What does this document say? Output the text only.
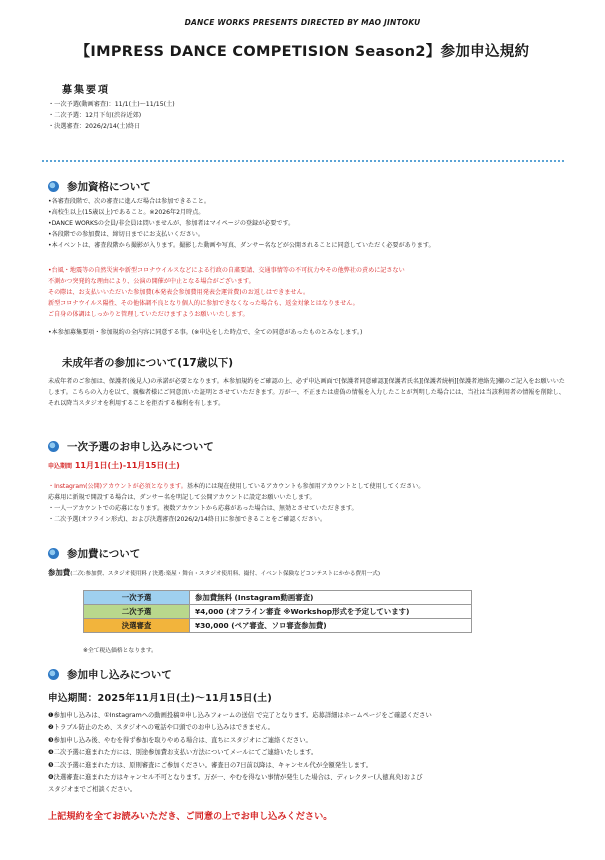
DANCE WORKS PRESENTS DIRECTED BY MAO JINTOKU
【IMPRESS DANCE COMPETISION Season2】参加申込規約
募集要項
・一次予選(動画審査)：11/1(土)〜11/15(土)
・二次予選：12月下旬(渋谷近郊)
・決選審査：2026/2/14(土)終日
参加資格について

•各審査段階で、次の審査に進んだ場合は参加できること。

•高校生以上(15歳以上)であること。※2026年2月時点。

•DANCE WORKSの会員/非会員は問いませんが、参加者はマイページの登録が必要です。

•各段階での参加費は、締切日までにお支払いください。

•本イベントは、審査段階から撮影が入ります。撮影した動画や写真、ダンサー名などが公開されることに同意していただく必要があります。

•台風・地震等の自然災害や新型コロナウイルスなどによる行政の自粛要請、交通事情等の不可抗力やその他弊社の責めに記さない

不測かつ突発的な理由により、公演の開催が中止となる場合がございます。

その際は、お支払いいただいた参加費(本発表会参加費用発表会運営費)のお返しはできません。

新型コロナウイルス陽性、その他体調不良となり個人的に参加できなくなった場合も、返金対象とはなりません。

ご自身の体調はしっかりと管理していただけますようお願いいたします。

•本参加募集要項・参加規約の全内容に同意する事。(※申込をした時点で、全ての同意があったものとみなします。)

未成年者の参加について(17歳以下)

未成年者のご参加は、保護者(後見人)の承諾が必要となります。本参加規約をご確認の上、必ず申込画面で[保護者同意確認][保護者氏名][保護者続柄][保護者連絡先]欄のご記入をお願いいたします。こちらの入力を以て、親権者様にご同意頂いた証明とさせていただきます。万が一、不正または虚偽の情報を入力したことが判明した場合には、当社は当該利用者の情報を削除し、それ以降当スタジオを利用することを拒否する権利を有します。

一次予選のお申し込みについて
申込期間 11月1日(土)-11月15日(土)

・Instagram(公開)アカウントが必須となります。基本的には現在使用しているアカウントも参加用アカウントとして使用してください。

応募用に新規で開設する場合は、ダンサー名を明記して公開アカウントに設定お願いいたします。

・一人一アカウントでの応募になります。複数アカウントから応募があった場合は、無効とさせていただきます。

・二次予選(オフライン形式)、および決選審査(2026/2/14終日)に参加できることをご確認ください。

参加費について
参加費(二次:参加費、スタジオ使用料 / 決選:楽屋・舞台・スタジオ使用料、撮付、イベント保険などコンテストにかかる費用一式)
一次予選	参加費無料 (Instagram動画審査)
二次予選	¥4,000 (オフライン審査 ※Workshop形式を予定しています)
決選審査	¥30,000 (ペア審査、ソロ審査参加費)
※全て税込価格となります。
参加申し込みについて
申込期間：2025年11月1日(土)〜11月15日(土)

❶参加申し込みは、①Instagramへの動画投稿②申し込みフォームの送信 で完了となります。応募詳細はホームページをご確認ください

❷トラブル防止のため、スタジオへの電話や口頭でのお申し込みはできません。

❸参加申し込み後、やむを得ず参加を取りやめる場合は、直ちにスタジオにご連絡ください。

❹二次予選に進まれた方には、別途参加費お支払い方法についてメールにてご連絡いたします。

❺二次予選に進まれた方は、原則審査にご参加ください。審査日の7日前以降は、キャンセル代が全額発生します。

❻決選審査に進まれた方はキャンセル不可となります。万が一、やむを得ない事情が発生した場合は、ディレクター(人徳真央)および

スタジオまでご相談ください。

上記規約を全てお読みいただき、ご同意の上でお申し込みください。
